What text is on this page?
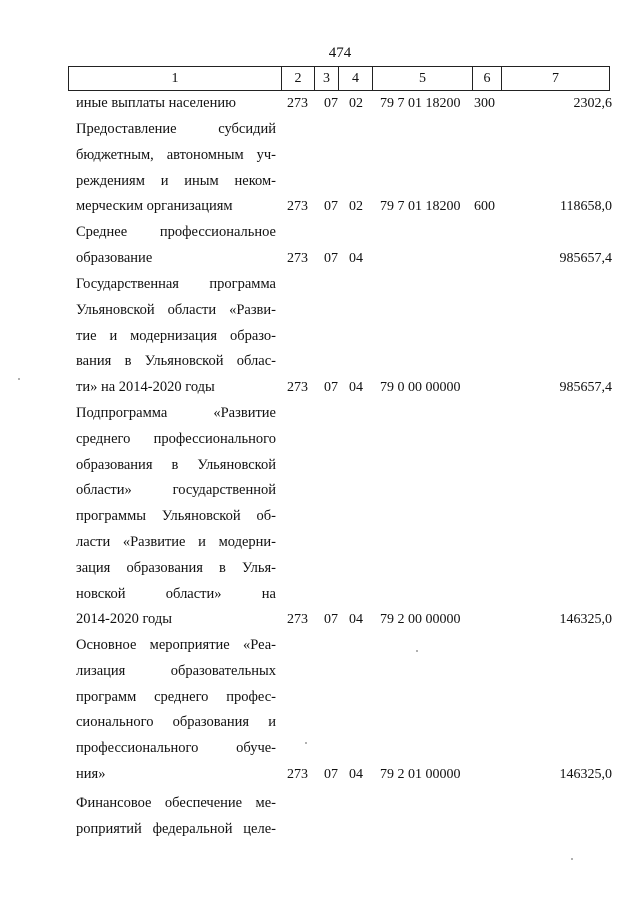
474
1	2	3	4	5	6	7
иные выплаты населению	273 07 02 79 7 01 18200 300	2302,6
Предоставление субсидий
бюджетным, автономным уч-
реждениям и иным неком-
мерческим организациям	273 07 02 79 7 01 18200 600	118658,0
Среднее профессиональное
образование	273 07 04	985657,4
Государственная программа
Ульяновской области «Разви-
тие и модернизация образо-
вания в Ульяновской облас-
ти» на 2014-2020 годы	273 07 04 79 0 00 00000	985657,4
Подпрограмма «Развитие
среднего профессионального
образования в Ульяновской
области» государственной
программы Ульяновской об-
ласти «Развитие и модерни-
зация образования в Улья-
новской области» на
2014-2020 годы	273 07 04 79 2 00 00000	146325,0
Основное мероприятие «Реа-
лизация образовательных
программ среднего профес-
сионального образования и
профессионального обуче-
ния»	273 07 04 79 2 01 00000	146325,0
Финансовое обеспечение ме-
роприятий федеральной целе-
